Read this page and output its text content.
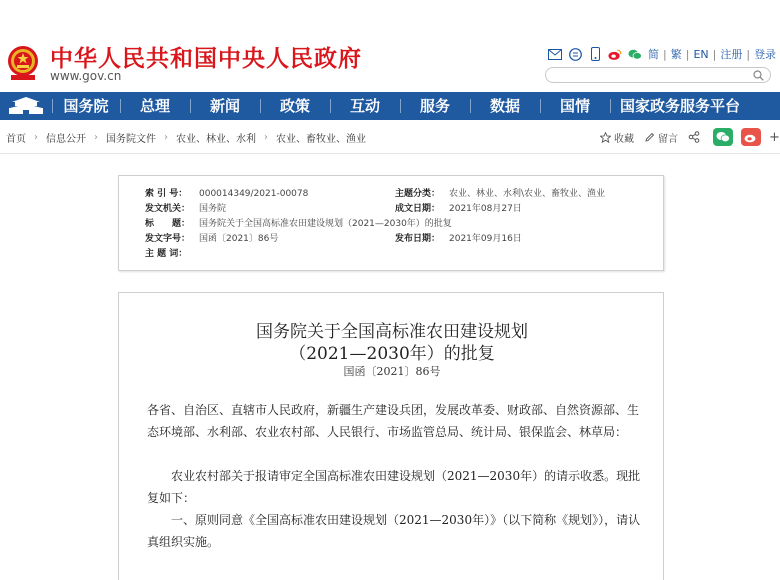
中华人民共和国中央人民政府
www.gov.cn
简 | 繁 | EN | 注册 | 登录
国务院	总理	新闻	政策	互动	服务	数据	国情	国家政务服务平台
首页 › 信息公开 › 国务院文件 › 农业、林业、水利 › 农业、畜牧业、渔业	收藏 留言	+
索 引 号： 000014349/2021-00078	主题分类： 农业、林业、水利\农业、畜牧业、渔业
发文机关： 国务院	成文日期： 2021年08月27日
标　　题： 国务院关于全国高标准农田建设规划（2021—2030年）的批复
发文字号： 国函〔2021〕86号	发布日期： 2021年09月16日
主 题 词：
国务院关于全国高标准农田建设规划
（2021—2030年）的批复
国函〔2021〕86号
各省、自治区、直辖市人民政府，新疆生产建设兵团，发展改革委、财政部、自然资源部、生态环境部、水利部、农业农村部、人民银行、市场监管总局、统计局、银保监会、林草局：
　　农业农村部关于报请审定全国高标准农田建设规划（2021—2030年）的请示收悉。现批复如下：
　　一、原则同意《全国高标准农田建设规划（2021—2030年）》（以下简称《规划》），请认真组织实施。
